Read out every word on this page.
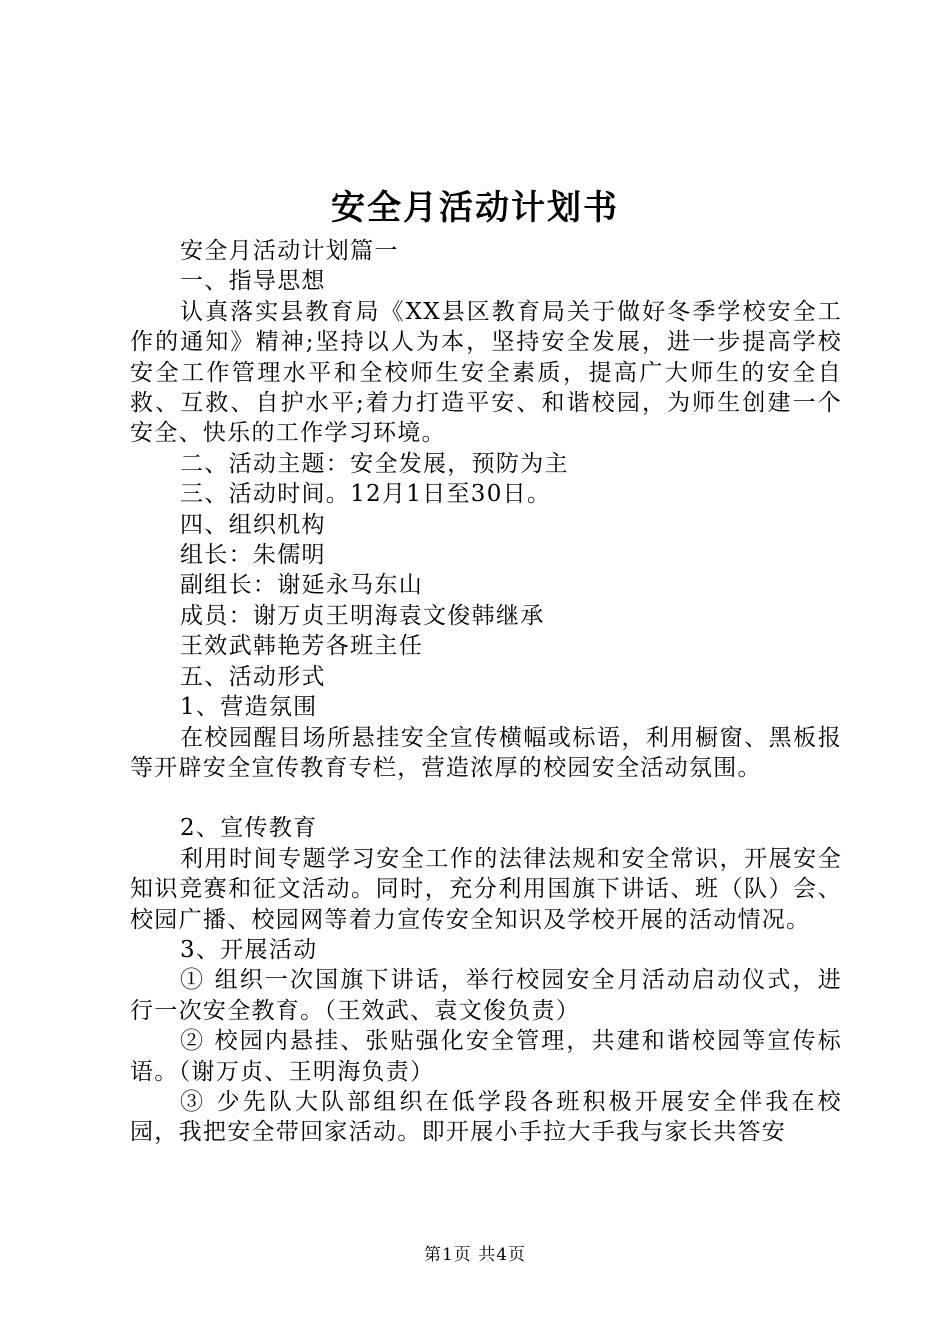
安全月活动计划书

安全月活动计划篇一

一、指导思想

认真落实县教育局《XX县区教育局关于做好冬季学校安全工作的通知》精神;坚持以人为本，坚持安全发展，进一步提高学校安全工作管理水平和全校师生安全素质，提高广大师生的安全自救、互救、自护水平;着力打造平安、和谐校园，为师生创建一个安全、快乐的工作学习环境。

二、活动主题：安全发展，预防为主

三、活动时间。12月1日至30日。

四、组织机构

组长：朱儒明

副组长：谢延永马东山

成员：谢万贞王明海袁文俊韩继承

王效武韩艳芳各班主任

五、活动形式

1、营造氛围

在校园醒目场所悬挂安全宣传横幅或标语，利用橱窗、黑板报等开辟安全宣传教育专栏，营造浓厚的校园安全活动氛围。

2、宣传教育

利用时间专题学习安全工作的法律法规和安全常识，开展安全知识竞赛和征文活动。同时，充分利用国旗下讲话、班（队）会、校园广播、校园网等着力宣传安全知识及学校开展的活动情况。

3、开展活动

① 组织一次国旗下讲话，举行校园安全月活动启动仪式，进行一次安全教育。（王效武、袁文俊负责）

② 校园内悬挂、张贴强化安全管理，共建和谐校园等宣传标语。（谢万贞、王明海负责）

③ 少先队大队部组织在低学段各班积极开展安全伴我在校园，我把安全带回家活动。即开展小手拉大手我与家长共答安

第1页 共4页
